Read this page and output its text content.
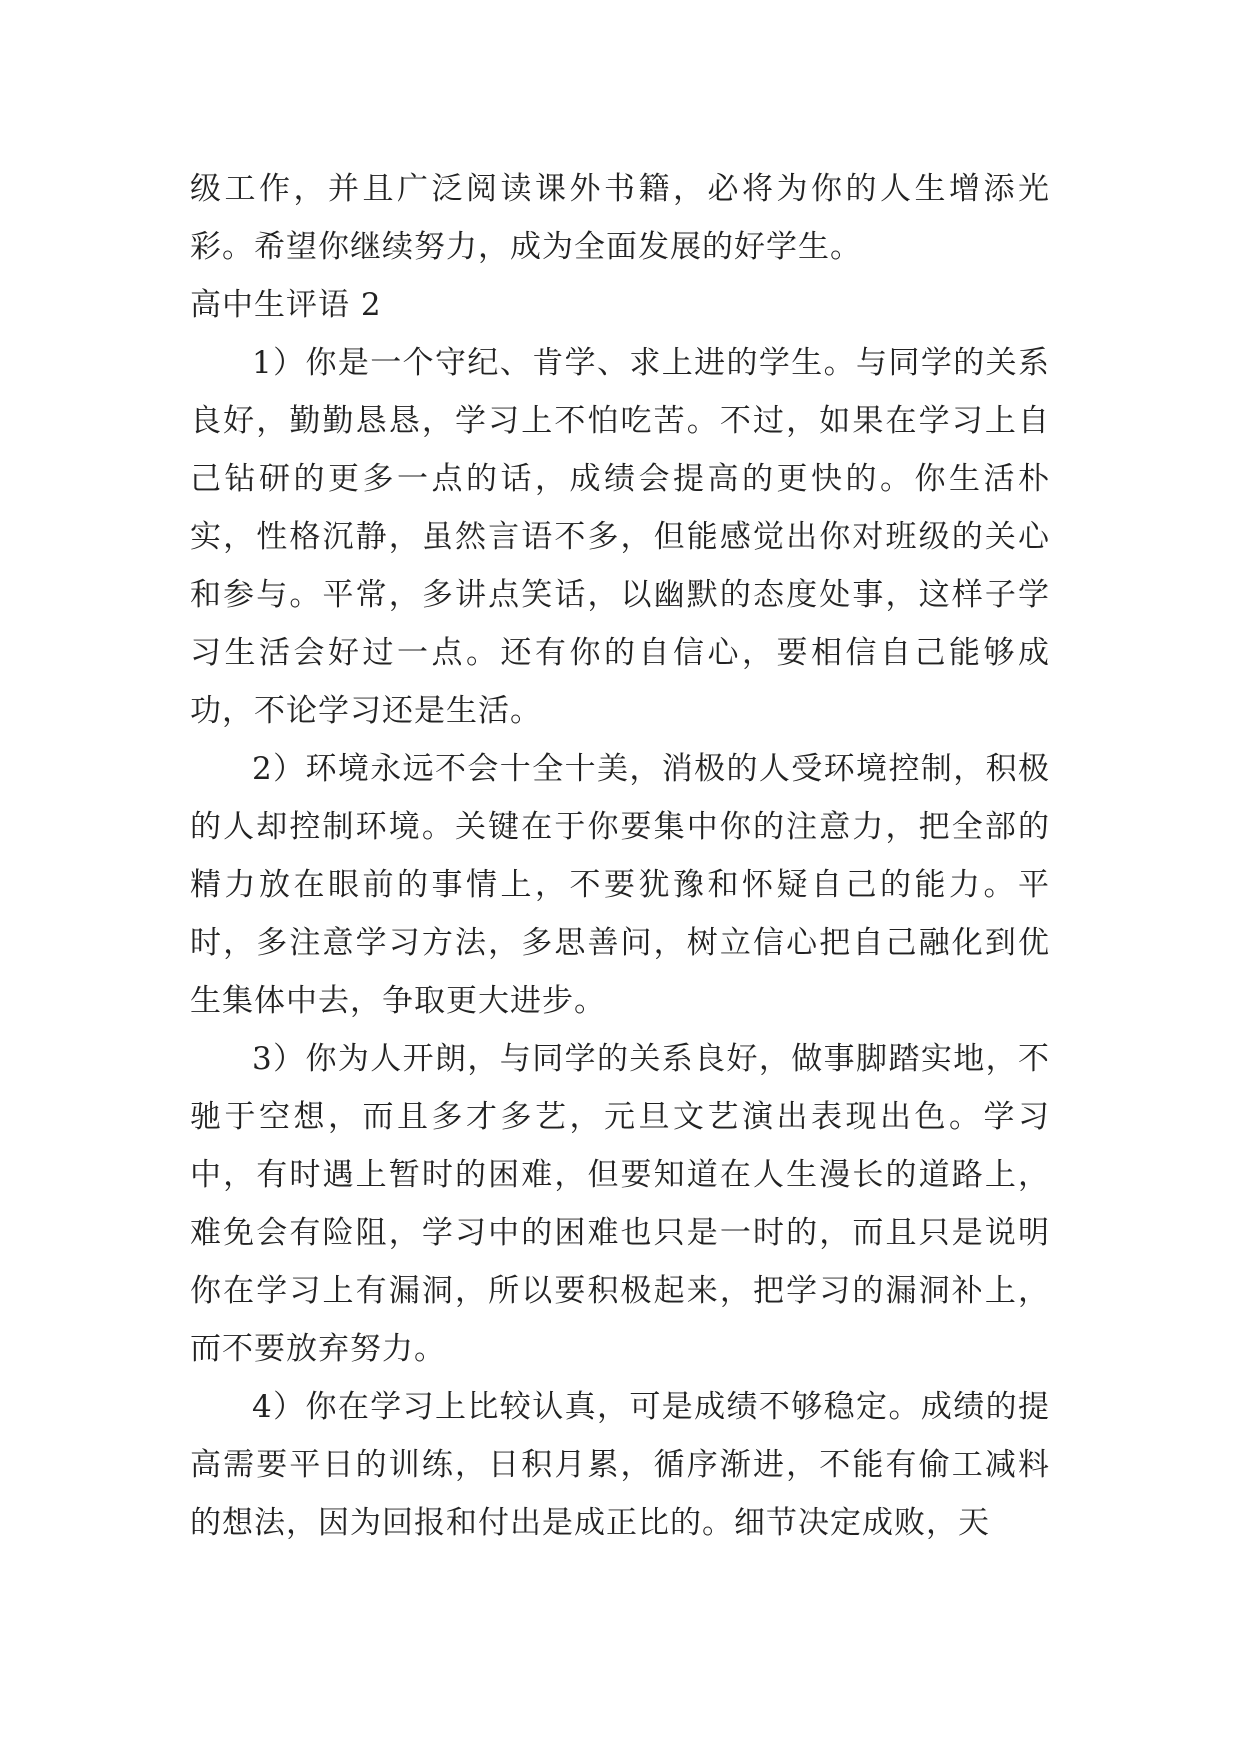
级工作，并且广泛阅读课外书籍，必将为你的人生增添光彩。希望你继续努力，成为全面发展的好学生。

高中生评语 2

1）你是一个守纪、肯学、求上进的学生。与同学的关系良好，勤勤恳恳，学习上不怕吃苦。不过，如果在学习上自己钻研的更多一点的话，成绩会提高的更快的。你生活朴实，性格沉静，虽然言语不多，但能感觉出你对班级的关心和参与。平常，多讲点笑话，以幽默的态度处事，这样子学习生活会好过一点。还有你的自信心，要相信自己能够成功，不论学习还是生活。

2）环境永远不会十全十美，消极的人受环境控制，积极的人却控制环境。关键在于你要集中你的注意力，把全部的精力放在眼前的事情上，不要犹豫和怀疑自己的能力。平时，多注意学习方法，多思善问，树立信心把自己融化到优生集体中去，争取更大进步。

3）你为人开朗，与同学的关系良好，做事脚踏实地，不驰于空想，而且多才多艺，元旦文艺演出表现出色。学习中，有时遇上暂时的困难，但要知道在人生漫长的道路上，难免会有险阻，学习中的困难也只是一时的，而且只是说明你在学习上有漏洞，所以要积极起来，把学习的漏洞补上，而不要放弃努力。

4）你在学习上比较认真，可是成绩不够稳定。成绩的提高需要平日的训练，日积月累，循序渐进，不能有偷工减料的想法，因为回报和付出是成正比的。细节决定成败，天
